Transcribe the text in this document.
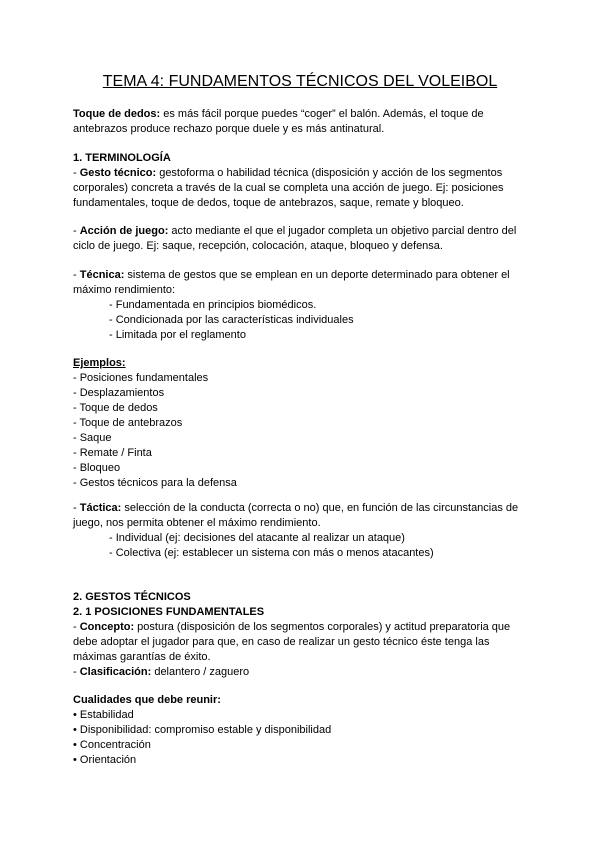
TEMA 4: FUNDAMENTOS TÉCNICOS DEL VOLEIBOL
Toque de dedos: es más fácil porque puedes “coger” el balón. Además, el toque de antebrazos produce rechazo porque duele y es más antinatural.
1. TERMINOLOGÍA
- Gesto técnico: gestoforma o habilidad técnica (disposición y acción de los segmentos corporales) concreta a través de la cual se completa una acción de juego. Ej: posiciones fundamentales, toque de dedos, toque de antebrazos, saque, remate y bloqueo.
- Acción de juego: acto mediante el que el jugador completa un objetivo parcial dentro del ciclo de juego. Ej: saque, recepción, colocación, ataque, bloqueo y defensa.
- Técnica: sistema de gestos que se emplean en un deporte determinado para obtener el máximo rendimiento:
- Fundamentada en principios biomédicos.
- Condicionada por las características individuales
- Limitada por el reglamento
Ejemplos:
- Posiciones fundamentales
- Desplazamientos
- Toque de dedos
- Toque de antebrazos
- Saque
- Remate / Finta
- Bloqueo
- Gestos técnicos para la defensa
- Táctica: selección de la conducta (correcta o no) que, en función de las circunstancias de juego, nos permita obtener el máximo rendimiento.
- Individual (ej: decisiones del atacante al realizar un ataque)
- Colectiva (ej: establecer un sistema con más o menos atacantes)
2. GESTOS TÉCNICOS
2. 1 POSICIONES FUNDAMENTALES
- Concepto: postura (disposición de los segmentos corporales) y actitud preparatoria que debe adoptar el jugador para que, en caso de realizar un gesto técnico éste tenga las máximas garantías de éxito.
- Clasificación: delantero / zaguero
Cualidades que debe reunir:
• Estabilidad
• Disponibilidad: compromiso estable y disponibilidad
• Concentración
• Orientación
